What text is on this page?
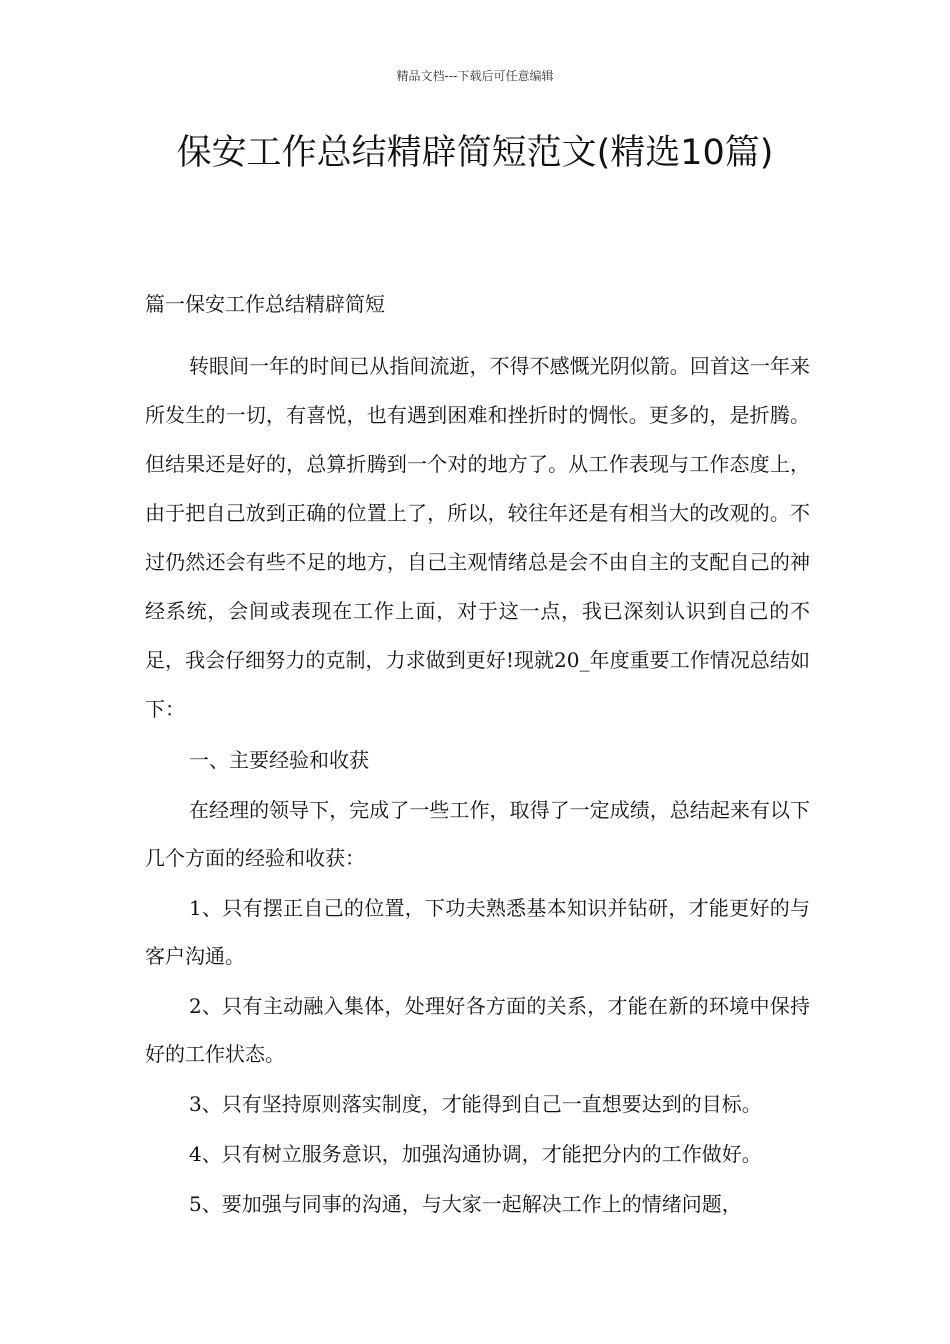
精品文档---下载后可任意编辑
保安工作总结精辟简短范文(精选10篇)
篇一保安工作总结精辟简短

转眼间一年的时间已从指间流逝，不得不感慨光阴似箭。回首这一年来所发生的一切，有喜悦，也有遇到困难和挫折时的惆怅。更多的，是折腾。但结果还是好的，总算折腾到一个对的地方了。从工作表现与工作态度上，由于把自己放到正确的位置上了，所以，较往年还是有相当大的改观的。不过仍然还会有些不足的地方，自己主观情绪总是会不由自主的支配自己的神经系统，会间或表现在工作上面，对于这一点，我已深刻认识到自己的不足，我会仔细努力的克制，力求做到更好!现就20_年度重要工作情况总结如下：

一、主要经验和收获

在经理的领导下，完成了一些工作，取得了一定成绩，总结起来有以下几个方面的经验和收获：

1、只有摆正自己的位置，下功夫熟悉基本知识并钻研，才能更好的与客户沟通。

2、只有主动融入集体，处理好各方面的关系，才能在新的环境中保持好的工作状态。

3、只有坚持原则落实制度，才能得到自己一直想要达到的目标。

4、只有树立服务意识，加强沟通协调，才能把分内的工作做好。

5、要加强与同事的沟通，与大家一起解决工作上的情绪问题，
